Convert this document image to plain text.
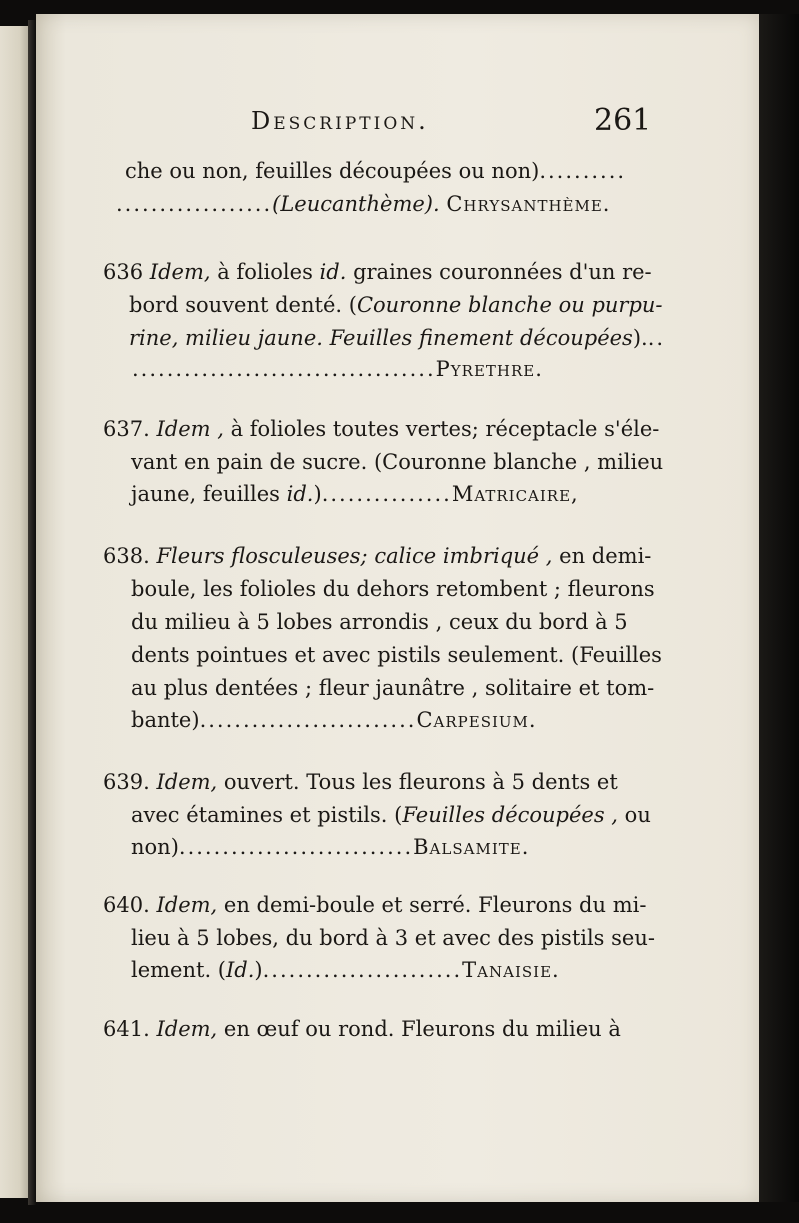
Description.	261
che ou non, feuilles découpées ou non)..........
..................(Leucanthème). Chrysanthème.
636 Idem, à folioles id. graines couronnées d'un re-
bord souvent denté. (Couronne blanche ou purpu-
rine, milieu jaune. Feuilles finement découpées)...
...................................Pyrethre.
637. Idem , à folioles toutes vertes; réceptacle s'éle-
vant en pain de sucre. (Couronne blanche , milieu
jaune, feuilles id.)...............Matricaire,
638. Fleurs flosculeuses; calice imbriqué , en demi-
boule, les folioles du dehors retombent ; fleurons
du milieu à 5 lobes arrondis , ceux du bord à 5
dents pointues et avec pistils seulement. (Feuilles
au plus dentées ; fleur jaunâtre , solitaire et tom-
bante).........................Carpesium.
639. Idem, ouvert. Tous les fleurons à 5 dents et
avec étamines et pistils. (Feuilles découpées , ou
non)...........................Balsamite.
640. Idem, en demi-boule et serré. Fleurons du mi-
lieu à 5 lobes, du bord à 3 et avec des pistils seu-
lement. (Id.).......................Tanaisie.
641. Idem, en œuf ou rond. Fleurons du milieu à
